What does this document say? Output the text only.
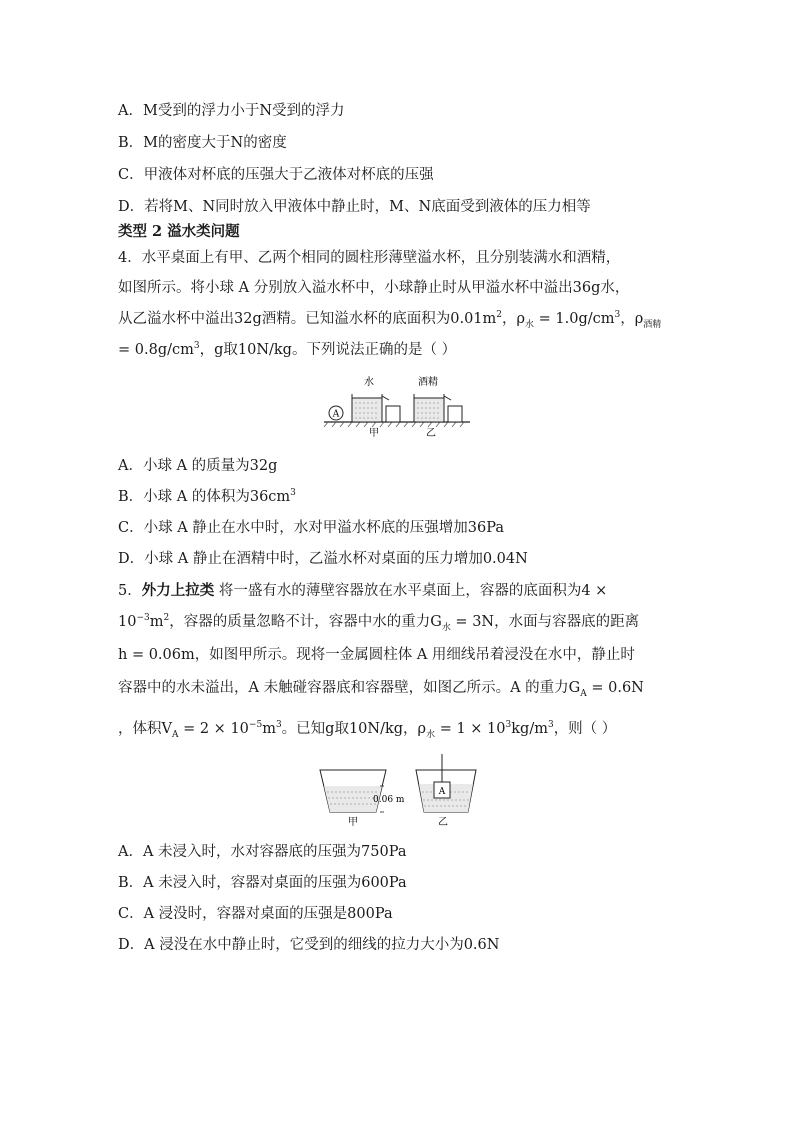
A．M受到的浮力小于N受到的浮力
B．M的密度大于N的密度
C．甲液体对杯底的压强大于乙液体对杯底的压强
D．若将M、N同时放入甲液体中静止时，M、N底面受到液体的压力相等
类型 2 溢水类问题
4．水平桌面上有甲、乙两个相同的圆柱形薄壁溢水杯，且分别装满水和酒精，
如图所示。将小球 A 分别放入溢水杯中，小球静止时从甲溢水杯中溢出36g水，
从乙溢水杯中溢出32g酒精。已知溢水杯的底面积为$0.01m^2$，$\rho_水 = 1.0g/cm^3$，$\rho_{酒精}$
= $0.8g/cm^3$，g取10N/kg。下列说法正确的是（ ）
A
水
甲
酒精
乙
A．小球 A 的质量为32g
B．小球 A 的体积为$36cm^3$
C．小球 A 静止在水中时，水对甲溢水杯底的压强增加36Pa
D．小球 A 静止在酒精中时，乙溢水杯对桌面的压力增加0.04N
5．外力上拉类 将一盛有水的薄壁容器放在水平桌面上，容器的底面积为4 ×
$10^{-3}m^2$，容器的质量忽略不计，容器中水的重力$G_水 = 3N$，水面与容器底的距离
h = 0.06m，如图甲所示。现将一金属圆柱体 A 用细线吊着浸没在水中，静止时
容器中的水未溢出，A 未触碰容器底和容器壁，如图乙所示。A 的重力$G_A = 0.6N$
，体积$V_A = 2 \times 10^{-5}m^3$。已知g取10N/kg，$\rho_水 = 1 \times 10^3kg/m^3$，则（ ）
0.06 m
甲
A
乙
A．A 未浸入时，水对容器底的压强为750Pa
B．A 未浸入时，容器对桌面的压强为600Pa
C．A 浸没时，容器对桌面的压强是800Pa
D．A 浸没在水中静止时，它受到的细线的拉力大小为0.6N
